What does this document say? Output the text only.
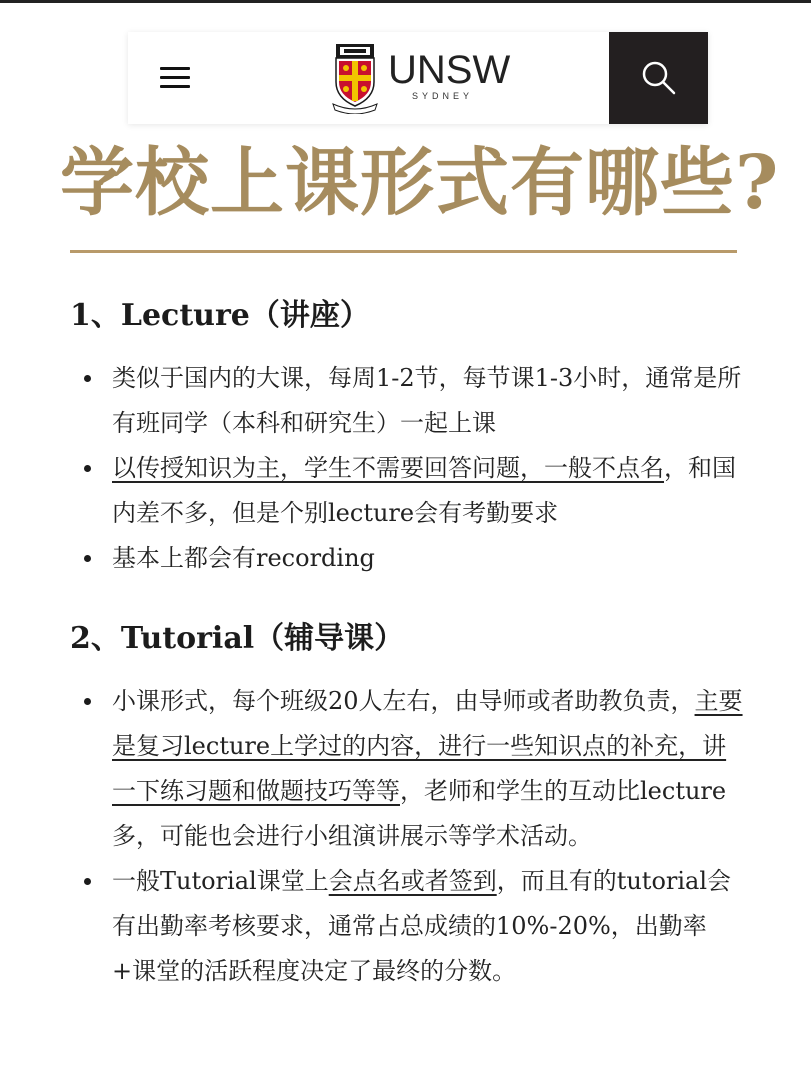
UNSW
SYDNEY
学校上课形式有哪些?
1、Lecture（讲座）
类似于国内的大课，每周1-2节，每节课1-3小时，通常是所有班同学（本科和研究生）一起上课
以传授知识为主，学生不需要回答问题，一般不点名，和国内差不多，但是个别lecture会有考勤要求
基本上都会有recording
2、Tutorial（辅导课）
小课形式，每个班级20人左右，由导师或者助教负责，主要是复习lecture上学过的内容，进行一些知识点的补充，讲一下练习题和做题技巧等等，老师和学生的互动比lecture多，可能也会进行小组演讲展示等学术活动。
一般Tutorial课堂上会点名或者签到，而且有的tutorial会有出勤率考核要求，通常占总成绩的10%-20%，出勤率+课堂的活跃程度决定了最终的分数。
